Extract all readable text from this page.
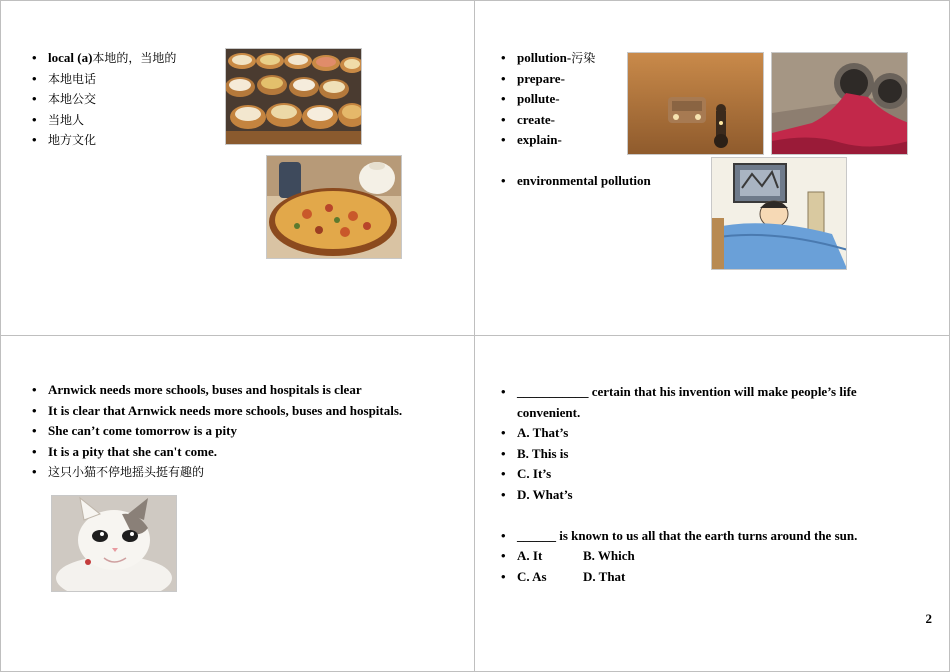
• local (a)本地的，当地的
• 本地电话
• 本地公交
• 当地人
• 地方文化
• pollution-污染
• prepare-
• pollute-
• create-
• explain-
• environmental pollution
• Arnwick needs more schools, buses and hospitals is clear
• It is clear that Arnwick needs more schools, buses and hospitals.
• She can’t come tomorrow is a pity
• It is a pity that she can't come.
• 这只小猫不停地摇头挺有趣的
• ___________ certain that his invention will make people’s life convenient.
• A. That’s
• B. This is
• C. It’s
• D. What’s
• ______ is known to us all that the earth turns around the sun.
• A. It	B. Which
• C. As	D. That
2
